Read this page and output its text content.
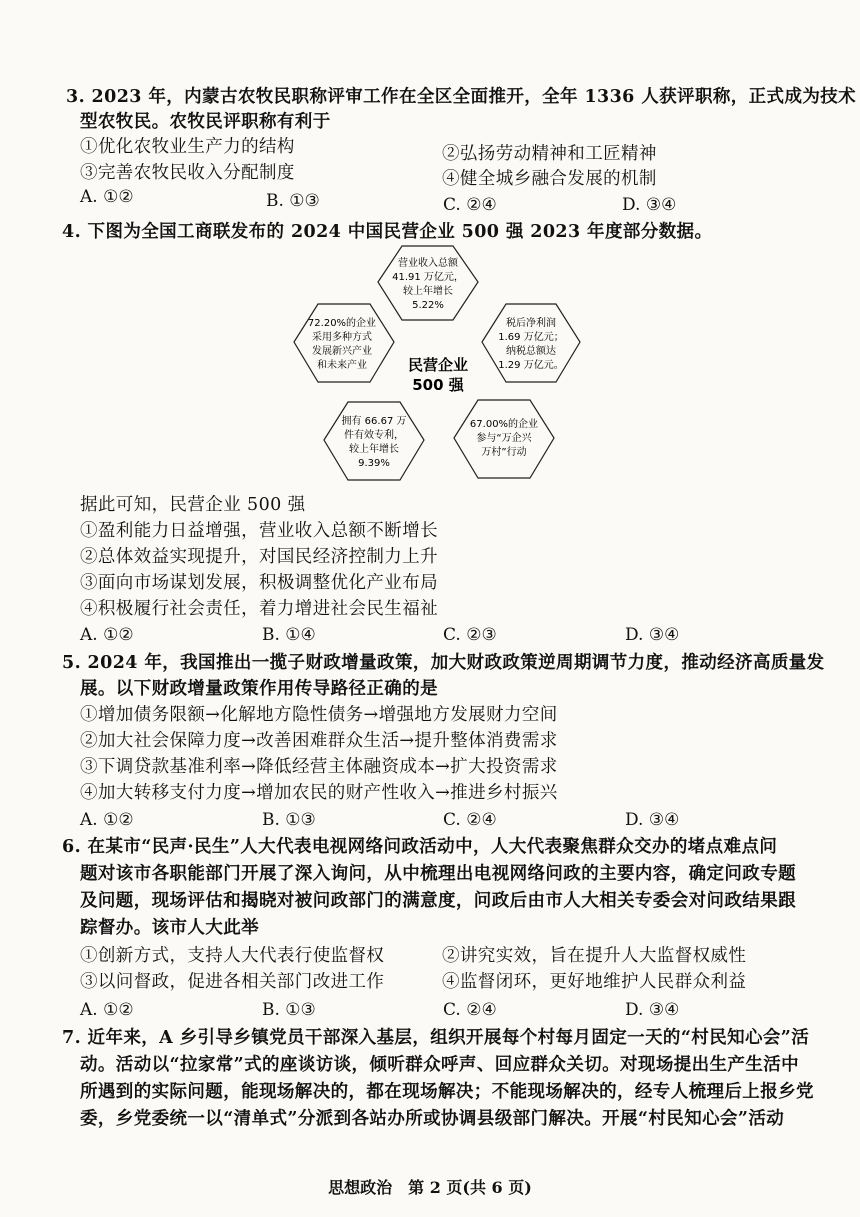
3. 2023 年，内蒙古农牧民职称评审工作在全区全面推开，全年 1336 人获评职称，正式成为技术
型农牧民。农牧民评职称有利于
①优化农牧业生产力的结构	②弘扬劳动精神和工匠精神
③完善农牧民收入分配制度	④健全城乡融合发展的机制
A. ①②	B. ①③	C. ②④	D. ③④
4. 下图为全国工商联发布的 2024 中国民营企业 500 强 2023 年度部分数据。
营业收入总额
41.91 万亿元，
较上年增长
5.22%
72.20%的企业
采用多种方式
发展新兴产业
和未来产业
税后净利润
1.69 万亿元；
纳税总额达
1.29 万亿元。
民营企业
500 强
拥有 66.67 万
件有效专利，
较上年增长
9.39%
67.00%的企业
参与“万企兴
万村”行动
据此可知，民营企业 500 强
①盈利能力日益增强，营业收入总额不断增长
②总体效益实现提升，对国民经济控制力上升
③面向市场谋划发展，积极调整优化产业布局
④积极履行社会责任，着力增进社会民生福祉
A. ①②	B. ①④	C. ②③	D. ③④
5. 2024 年，我国推出一揽子财政增量政策，加大财政政策逆周期调节力度，推动经济高质量发
展。以下财政增量政策作用传导路径正确的是
①增加债务限额→化解地方隐性债务→增强地方发展财力空间
②加大社会保障力度→改善困难群众生活→提升整体消费需求
③下调贷款基准利率→降低经营主体融资成本→扩大投资需求
④加大转移支付力度→增加农民的财产性收入→推进乡村振兴
A. ①②	B. ①③	C. ②④	D. ③④
6. 在某市“民声·民生”人大代表电视网络问政活动中，人大代表聚焦群众交办的堵点难点问
题对该市各职能部门开展了深入询问，从中梳理出电视网络问政的主要内容，确定问政专题
及问题，现场评估和揭晓对被问政部门的满意度，问政后由市人大相关专委会对问政结果跟
踪督办。该市人大此举
①创新方式，支持人大代表行使监督权	②讲究实效，旨在提升人大监督权威性
③以问督政，促进各相关部门改进工作	④监督闭环，更好地维护人民群众利益
A. ①②	B. ①③	C. ②④	D. ③④
7. 近年来，A 乡引导乡镇党员干部深入基层，组织开展每个村每月固定一天的“村民知心会”活
动。活动以“拉家常”式的座谈访谈，倾听群众呼声、回应群众关切。对现场提出生产生活中
所遇到的实际问题，能现场解决的，都在现场解决；不能现场解决的，经专人梳理后上报乡党
委，乡党委统一以“清单式”分派到各站办所或协调县级部门解决。开展“村民知心会”活动
思想政治　第 2 页(共 6 页)
